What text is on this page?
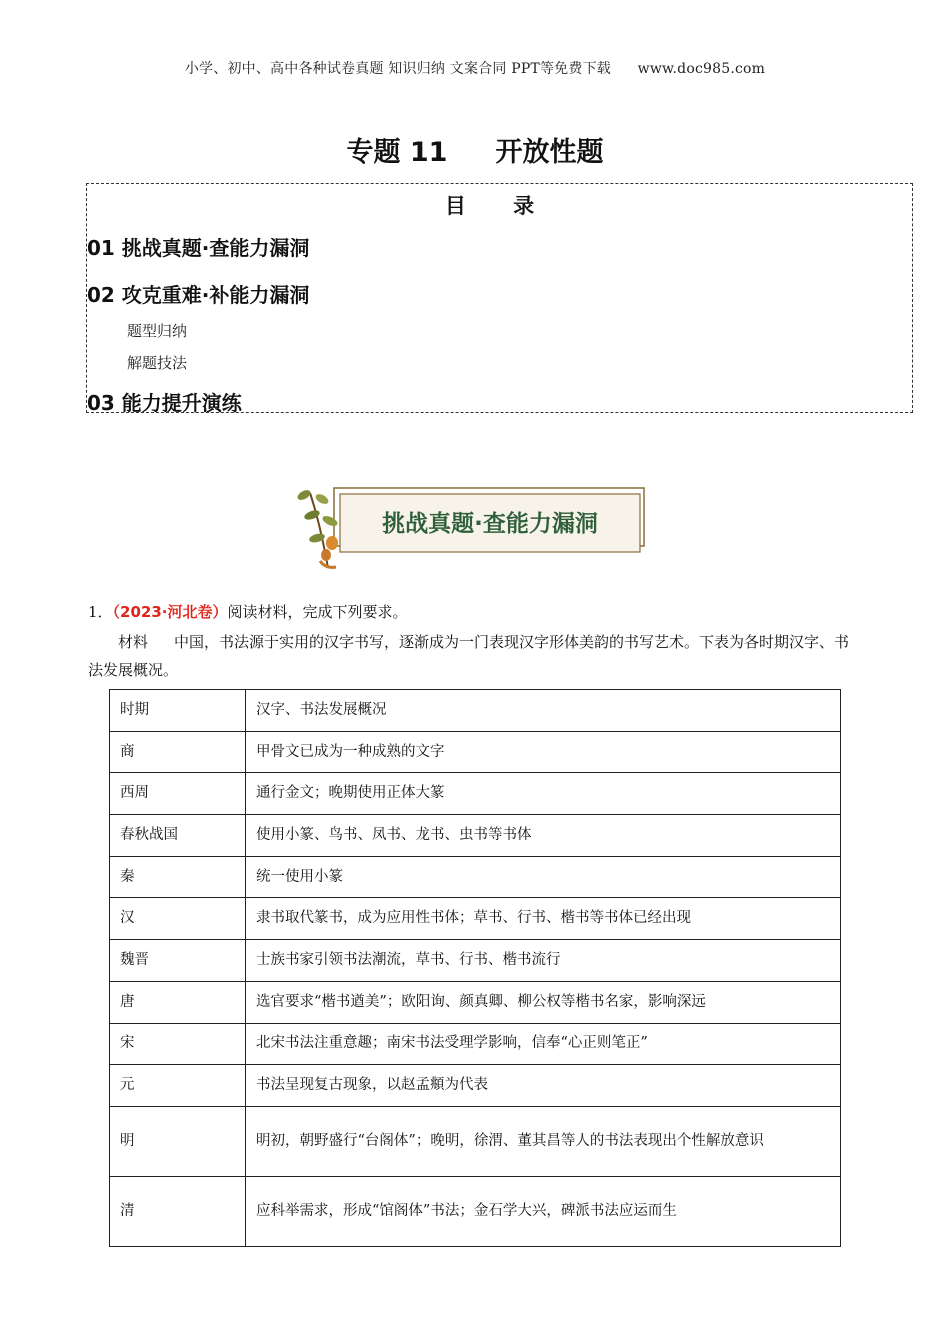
小学、初中、高中各种试卷真题 知识归纳 文案合同 PPT等免费下载 www.doc985.com
专题 11 开放性题
目 录
01 挑战真题·查能力漏洞
02 攻克重难·补能力漏洞
题型归纳
解题技法
03 能力提升演练
挑战真题·查能力漏洞
1．（2023·河北卷）阅读材料，完成下列要求。
材料 中国，书法源于实用的汉字书写，逐渐成为一门表现汉字形体美韵的书写艺术。下表为各时期汉字、书法发展概况。
时期	汉字、书法发展概况
商	甲骨文已成为一种成熟的文字
西周	通行金文；晚期使用正体大篆
春秋战国	使用小篆、鸟书、凤书、龙书、虫书等书体
秦	统一使用小篆
汉	隶书取代篆书，成为应用性书体；草书、行书、楷书等书体已经出现
魏晋	士族书家引领书法潮流，草书、行书、楷书流行
唐	选官要求“楷书遒美”；欧阳询、颜真卿、柳公权等楷书名家，影响深远
宋	北宋书法注重意趣；南宋书法受理学影响，信奉“心正则笔正”
元	书法呈现复古现象，以赵孟頫为代表
明	明初，朝野盛行“台阁体”；晚明，徐渭、董其昌等人的书法表现出个性解放意识
清	应科举需求，形成“馆阁体”书法；金石学大兴，碑派书法应运而生
